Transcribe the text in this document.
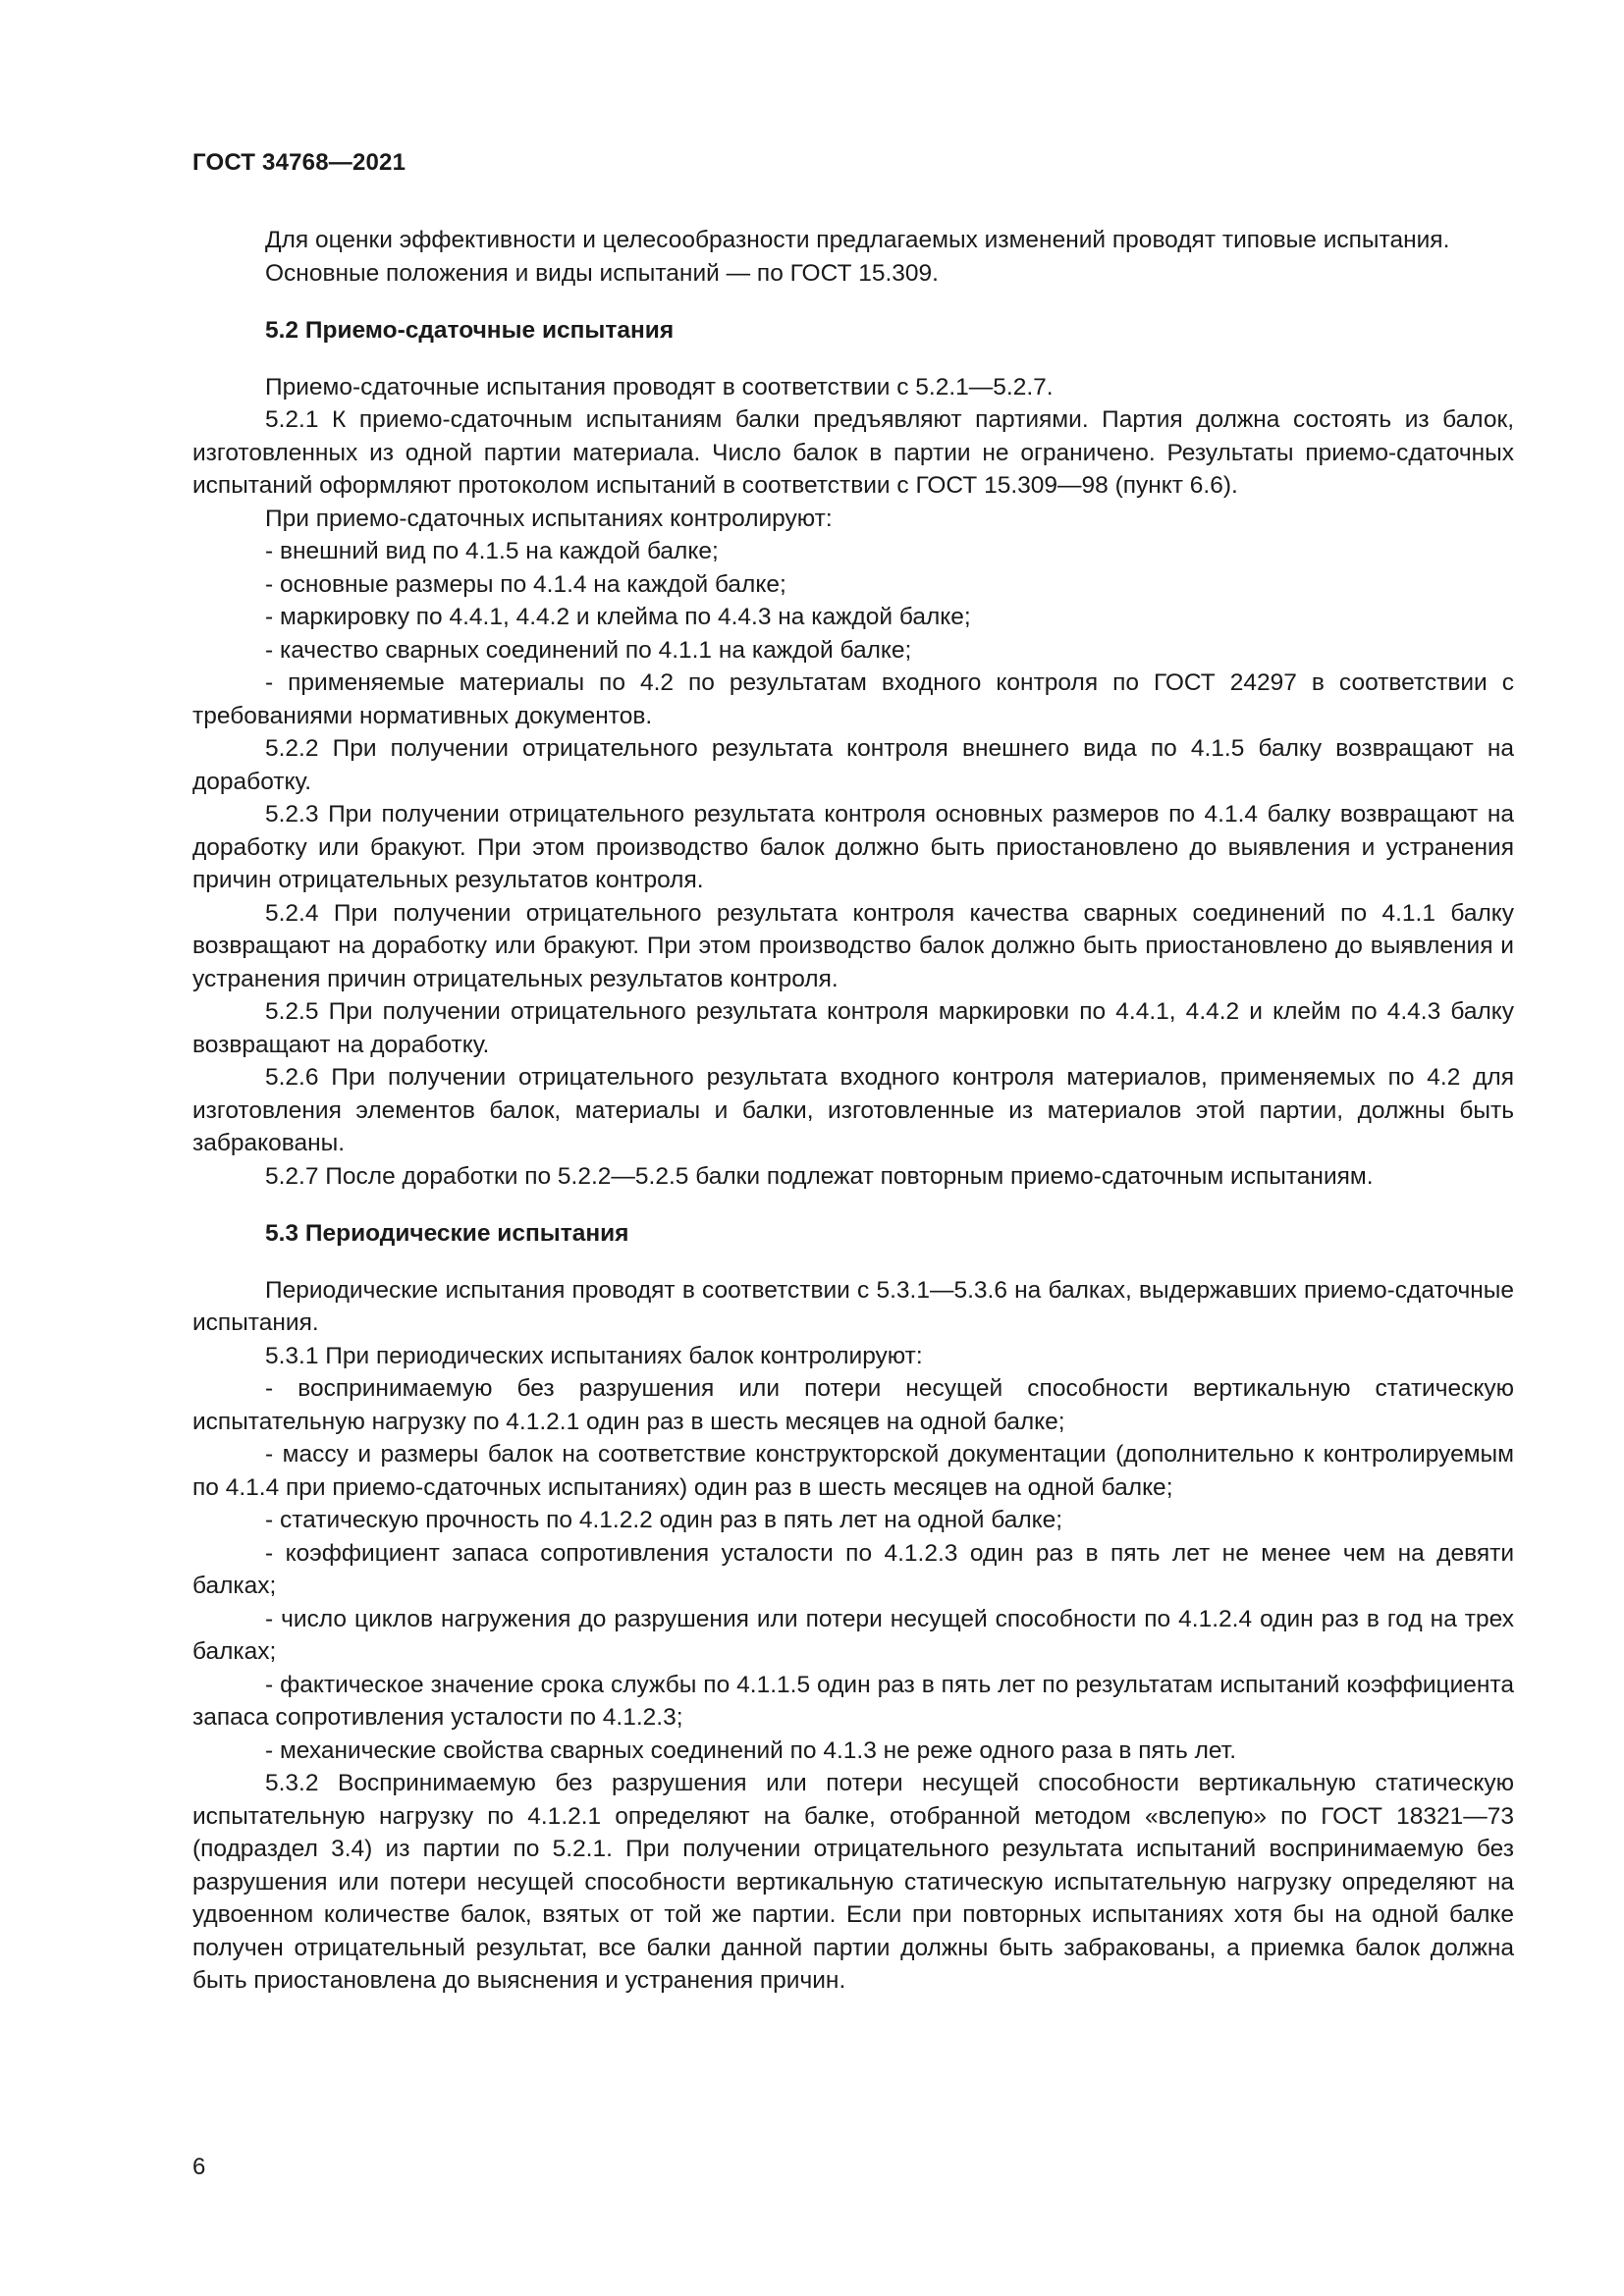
ГОСТ 34768—2021

Для оценки эффективности и целесообразности предлагаемых изменений проводят типовые испытания.

Основные положения и виды испытаний — по ГОСТ 15.309.

5.2 Приемо-сдаточные испытания

Приемо-сдаточные испытания проводят в соответствии с 5.2.1—5.2.7.

5.2.1 К приемо-сдаточным испытаниям балки предъявляют партиями. Партия должна состоять из балок, изготовленных из одной партии материала. Число балок в партии не ограничено. Результаты приемо-сдаточных испытаний оформляют протоколом испытаний в соответствии с ГОСТ 15.309—98 (пункт 6.6).

При приемо-сдаточных испытаниях контролируют:

- внешний вид по 4.1.5 на каждой балке;

- основные размеры по 4.1.4 на каждой балке;

- маркировку по 4.4.1, 4.4.2 и клейма по 4.4.3 на каждой балке;

- качество сварных соединений по 4.1.1 на каждой балке;

- применяемые материалы по 4.2 по результатам входного контроля по ГОСТ 24297 в соответствии с требованиями нормативных документов.

5.2.2 При получении отрицательного результата контроля внешнего вида по 4.1.5 балку возвращают на доработку.

5.2.3 При получении отрицательного результата контроля основных размеров по 4.1.4 балку возвращают на доработку или бракуют. При этом производство балок должно быть приостановлено до выявления и устранения причин отрицательных результатов контроля.

5.2.4 При получении отрицательного результата контроля качества сварных соединений по 4.1.1 балку возвращают на доработку или бракуют. При этом производство балок должно быть приостановлено до выявления и устранения причин отрицательных результатов контроля.

5.2.5 При получении отрицательного результата контроля маркировки по 4.4.1, 4.4.2 и клейм по 4.4.3 балку возвращают на доработку.

5.2.6 При получении отрицательного результата входного контроля материалов, применяемых по 4.2 для изготовления элементов балок, материалы и балки, изготовленные из материалов этой партии, должны быть забракованы.

5.2.7 После доработки по 5.2.2—5.2.5 балки подлежат повторным приемо-сдаточным испытаниям.

5.3 Периодические испытания

Периодические испытания проводят в соответствии с 5.3.1—5.3.6 на балках, выдержавших приемо-сдаточные испытания.

5.3.1 При периодических испытаниях балок контролируют:

- воспринимаемую без разрушения или потери несущей способности вертикальную статическую испытательную нагрузку по 4.1.2.1 один раз в шесть месяцев на одной балке;

- массу и размеры балок на соответствие конструкторской документации (дополнительно к контролируемым по 4.1.4 при приемо-сдаточных испытаниях) один раз в шесть месяцев на одной балке;

- статическую прочность по 4.1.2.2 один раз в пять лет на одной балке;

- коэффициент запаса сопротивления усталости по 4.1.2.3 один раз в пять лет не менее чем на девяти балках;

- число циклов нагружения до разрушения или потери несущей способности по 4.1.2.4 один раз в год на трех балках;

- фактическое значение срока службы по 4.1.1.5 один раз в пять лет по результатам испытаний коэффициента запаса сопротивления усталости по 4.1.2.3;

- механические свойства сварных соединений по 4.1.3 не реже одного раза в пять лет.

5.3.2 Воспринимаемую без разрушения или потери несущей способности вертикальную статическую испытательную нагрузку по 4.1.2.1 определяют на балке, отобранной методом «вслепую» по ГОСТ 18321—73 (подраздел 3.4) из партии по 5.2.1. При получении отрицательного результата испытаний воспринимаемую без разрушения или потери несущей способности вертикальную статическую испытательную нагрузку определяют на удвоенном количестве балок, взятых от той же партии. Если при повторных испытаниях хотя бы на одной балке получен отрицательный результат, все балки данной партии должны быть забракованы, а приемка балок должна быть приостановлена до выяснения и устранения причин.

6
